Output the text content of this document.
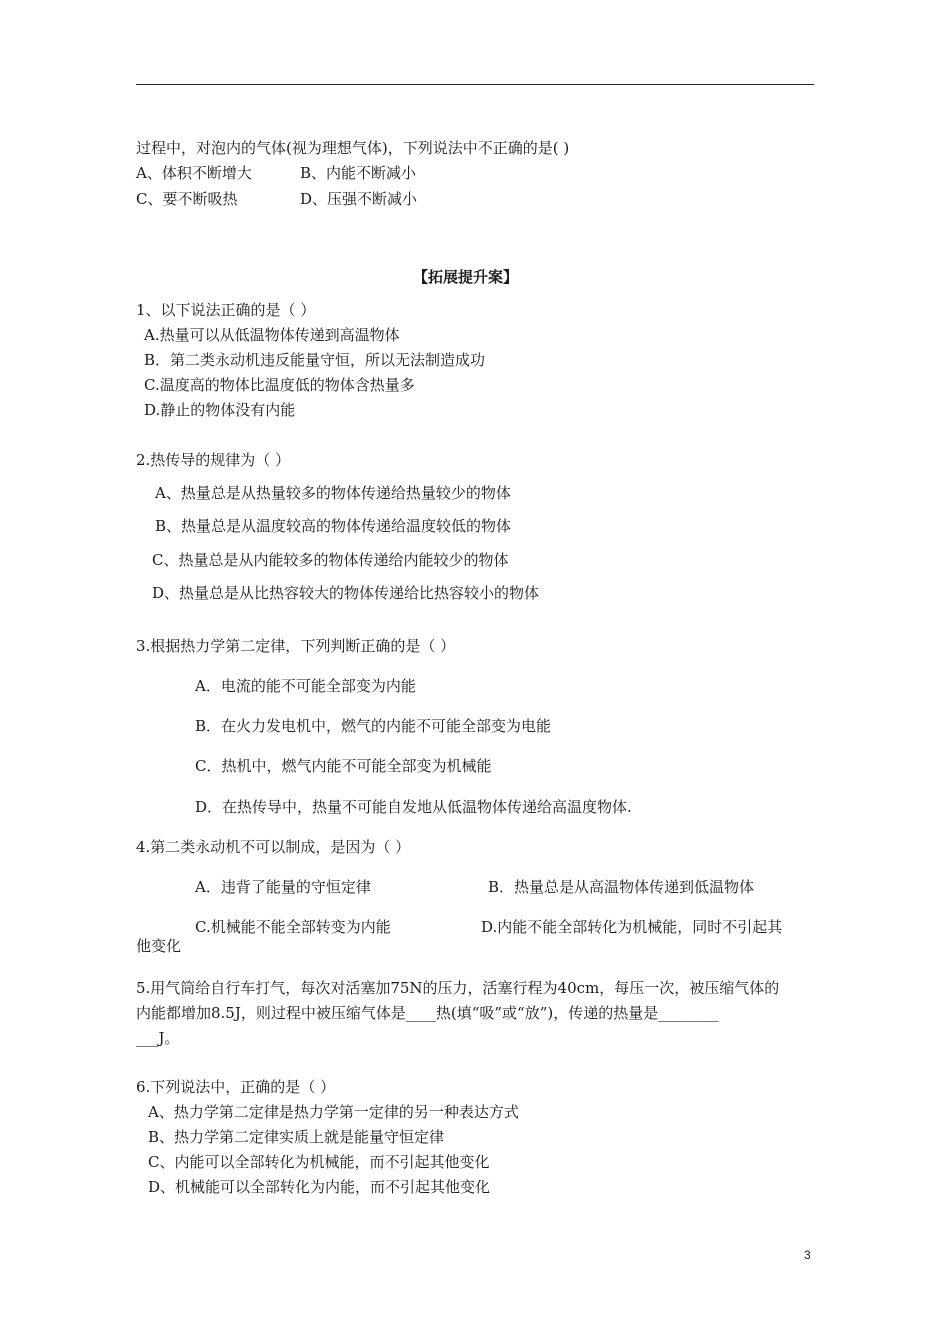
过程中，对泡内的气体(视为理想气体)，下列说法中不正确的是( )
A、体积不断增大	B、内能不断减小
C、要不断吸热	D、压强不断减小
【拓展提升案】
1、以下说法正确的是（ ）
A.热量可以从低温物体传递到高温物体
B．第二类永动机违反能量守恒，所以无法制造成功
C.温度高的物体比温度低的物体含热量多
D.静止的物体没有内能
2.热传导的规律为（ ）
A、热量总是从热量较多的物体传递给热量较少的物体
B、热量总是从温度较高的物体传递给温度较低的物体
C、热量总是从内能较多的物体传递给内能较少的物体
D、热量总是从比热容较大的物体传递给比热容较小的物体
3.根据热力学第二定律，下列判断正确的是（ ）
A．电流的能不可能全部变为内能
B．在火力发电机中，燃气的内能不可能全部变为电能
C．热机中，燃气内能不可能全部变为机械能
D．在热传导中，热量不可能自发地从低温物体传递给高温度物体.
4.第二类永动机不可以制成，是因为（ ）
A．违背了能量的守恒定律	B．热量总是从高温物体传递到低温物体
C.机械能不能全部转变为内能	D.内能不能全部转化为机械能，同时不引起其
他变化
5.用气筒给自行车打气，每次对活塞加75N的压力，活塞行程为40cm，每压一次，被压缩气体的
内能都增加8.5J，则过程中被压缩气体是____热(填“吸”或“放”)，传递的热量是________
___J。
6.下列说法中，正确的是（ ）
A、热力学第二定律是热力学第一定律的另一种表达方式
B、热力学第二定律实质上就是能量守恒定律
C、内能可以全部转化为机械能，而不引起其他变化
D、机械能可以全部转化为内能，而不引起其他变化
3
